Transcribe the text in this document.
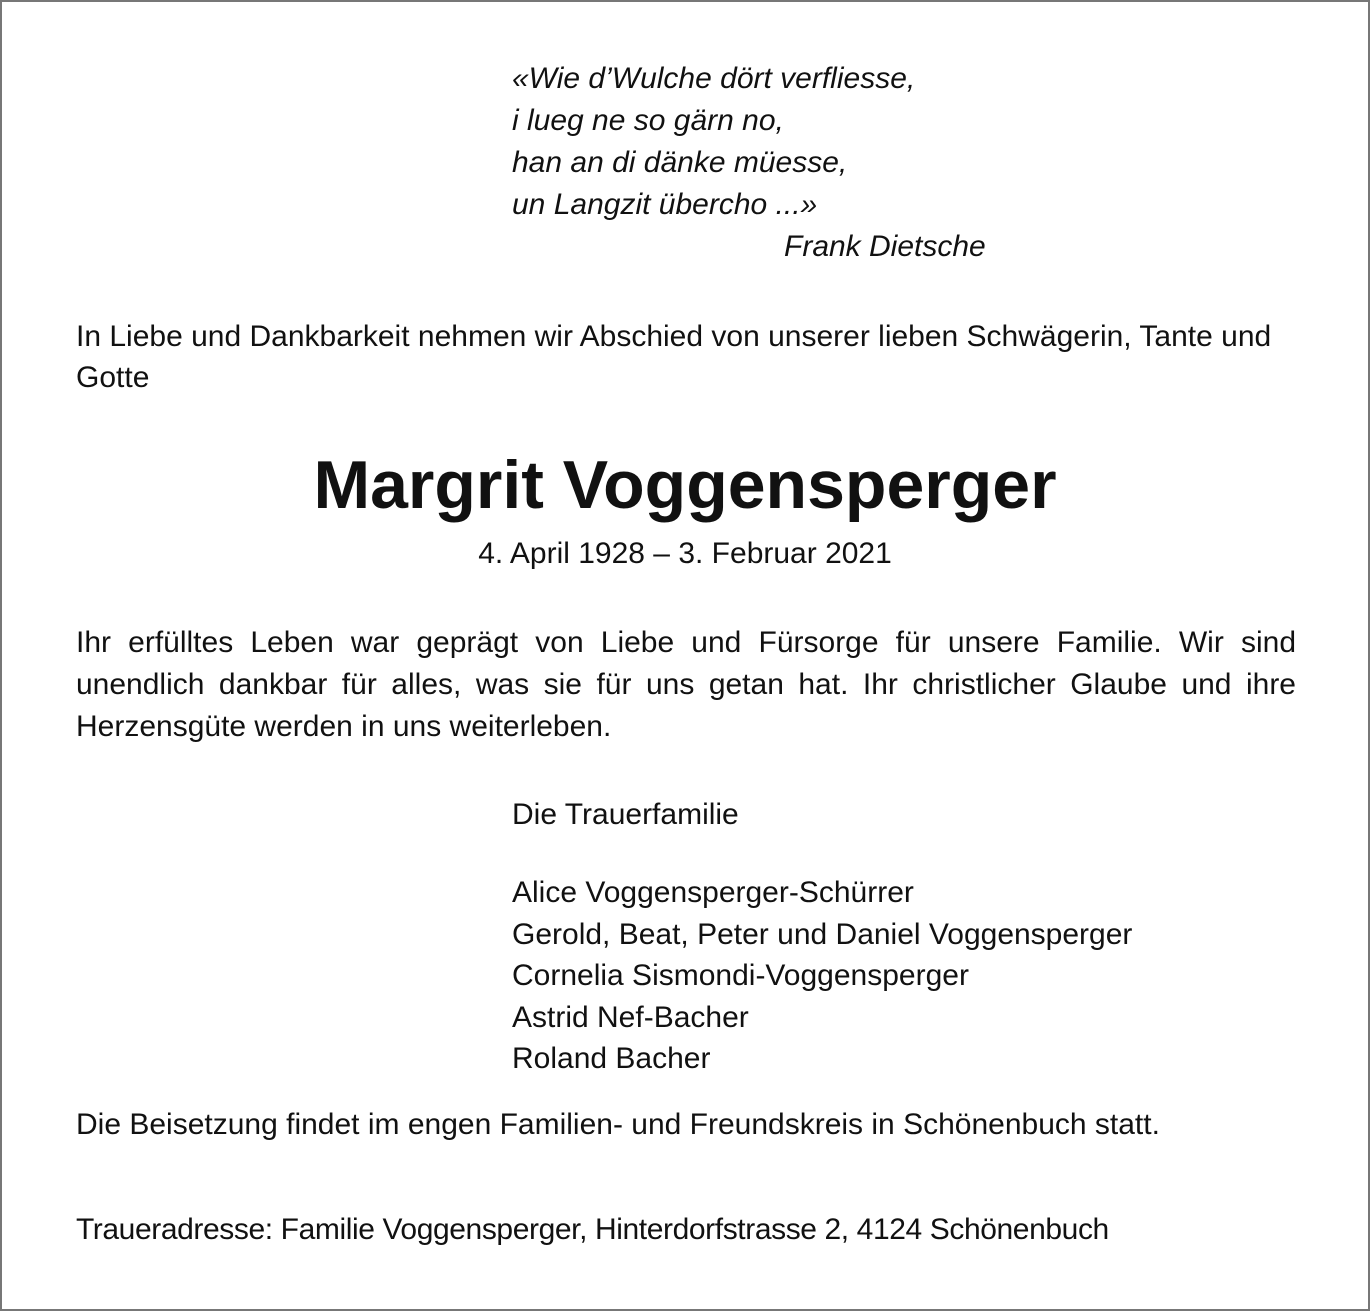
«Wie d’Wulche dört verfliesse,
i lueg ne so gärn no,
han an di dänke müesse,
un Langzit übercho ...»
Frank Dietsche
In Liebe und Dankbarkeit nehmen wir Abschied von unserer lieben Schwägerin, Tante und Gotte
Margrit Voggensperger
4. April 1928 – 3. Februar 2021
Ihr erfülltes Leben war geprägt von Liebe und Fürsorge für unsere Familie. Wir sind unendlich dankbar für alles, was sie für uns getan hat. Ihr christlicher Glaube und ihre Herzensgüte werden in uns weiterleben.
Die Trauerfamilie
Alice Voggensperger-Schürrer
Gerold, Beat, Peter und Daniel Voggensperger
Cornelia Sismondi-Voggensperger
Astrid Nef-Bacher
Roland Bacher
Die Beisetzung findet im engen Familien- und Freundskreis in Schönenbuch statt.
Traueradresse: Familie Voggensperger, Hinterdorfstrasse 2, 4124 Schönenbuch
